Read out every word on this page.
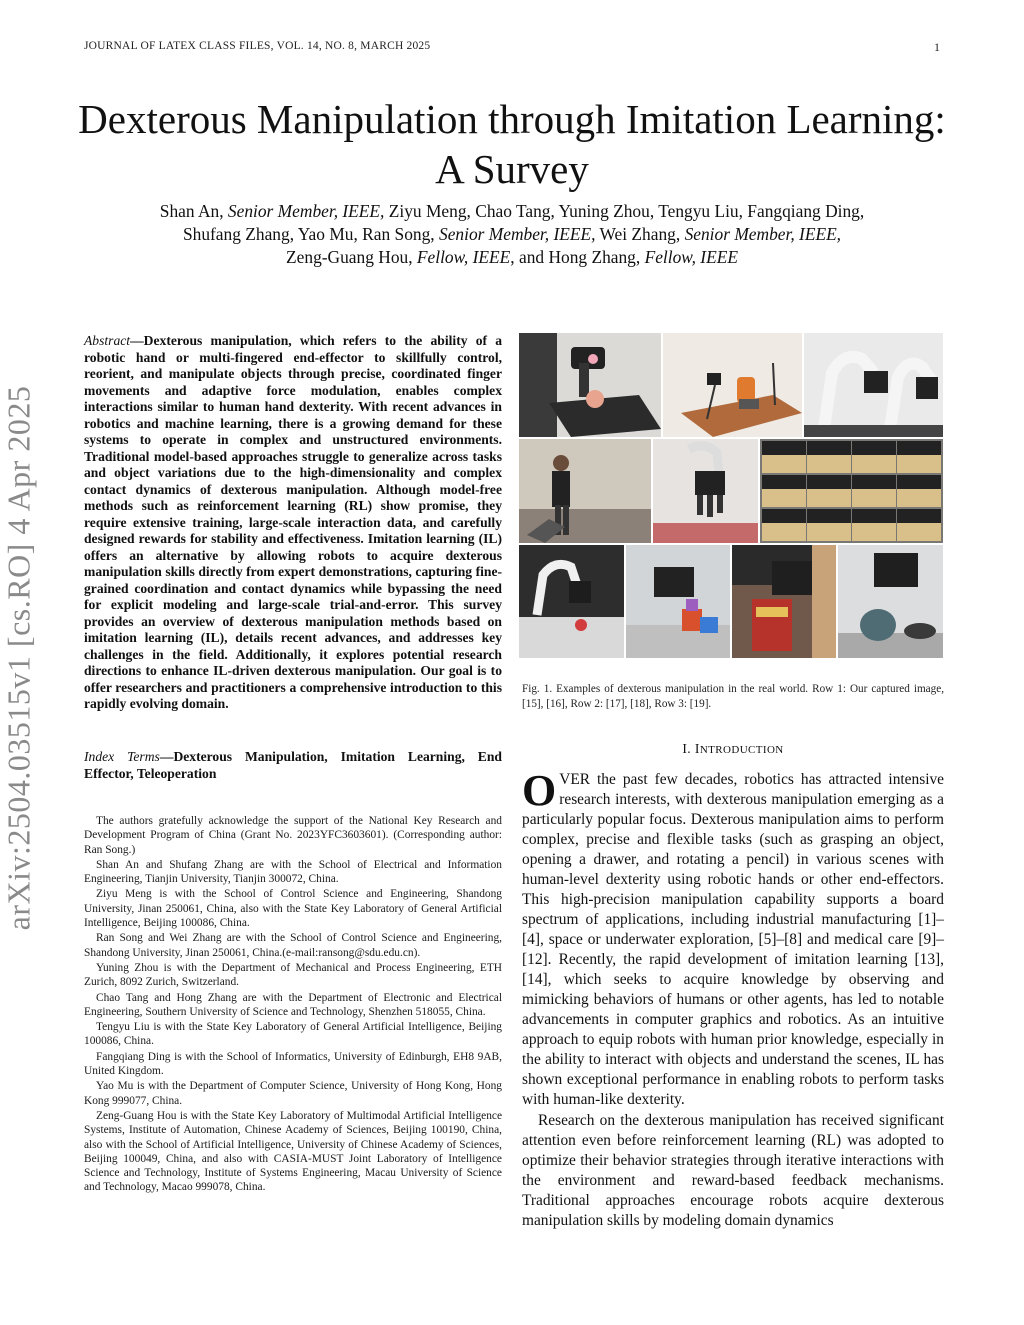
JOURNAL OF LATEX CLASS FILES, VOL. 14, NO. 8, MARCH 2025	1
Dexterous Manipulation through Imitation Learning:
A Survey
Shan An, Senior Member, IEEE, Ziyu Meng, Chao Tang, Yuning Zhou, Tengyu Liu, Fangqiang Ding,
Shufang Zhang, Yao Mu, Ran Song, Senior Member, IEEE, Wei Zhang, Senior Member, IEEE,
Zeng-Guang Hou, Fellow, IEEE, and Hong Zhang, Fellow, IEEE
arXiv:2504.03515v1 [cs.RO] 4 Apr 2025
Abstract—Dexterous manipulation, which refers to the ability of a robotic hand or multi-fingered end-effector to skillfully control, reorient, and manipulate objects through precise, coordinated finger movements and adaptive force modulation, enables complex interactions similar to human hand dexterity. With recent advances in robotics and machine learning, there is a growing demand for these systems to operate in complex and unstructured environments. Traditional model-based approaches struggle to generalize across tasks and object variations due to the high-dimensionality and complex contact dynamics of dexterous manipulation. Although model-free methods such as reinforcement learning (RL) show promise, they require extensive training, large-scale interaction data, and carefully designed rewards for stability and effectiveness. Imitation learning (IL) offers an alternative by allowing robots to acquire dexterous manipulation skills directly from expert demonstrations, capturing fine-grained coordination and contact dynamics while bypassing the need for explicit modeling and large-scale trial-and-error. This survey provides an overview of dexterous manipulation methods based on imitation learning (IL), details recent advances, and addresses key challenges in the field. Additionally, it explores potential research directions to enhance IL-driven dexterous manipulation. Our goal is to offer researchers and practitioners a comprehensive introduction to this rapidly evolving domain.
Index Terms—Dexterous Manipulation, Imitation Learning, End Effector, Teleoperation

The authors gratefully acknowledge the support of the National Key Research and Development Program of China (Grant No. 2023YFC3603601). (Corresponding author: Ran Song.)

Shan An and Shufang Zhang are with the School of Electrical and Information Engineering, Tianjin University, Tianjin 300072, China.

Ziyu Meng is with the School of Control Science and Engineering, Shandong University, Jinan 250061, China, also with the State Key Laboratory of General Artificial Intelligence, Beijing 100086, China.

Ran Song and Wei Zhang are with the School of Control Science and Engineering, Shandong University, Jinan 250061, China.(e-mail:ransong@sdu.edu.cn).

Yuning Zhou is with the Department of Mechanical and Process Engineering, ETH Zurich, 8092 Zurich, Switzerland.

Chao Tang and Hong Zhang are with the Department of Electronic and Electrical Engineering, Southern University of Science and Technology, Shenzhen 518055, China.

Tengyu Liu is with the State Key Laboratory of General Artificial Intelligence, Beijing 100086, China.

Fangqiang Ding is with the School of Informatics, University of Edinburgh, EH8 9AB, United Kingdom.

Yao Mu is with the Department of Computer Science, University of Hong Kong, Hong Kong 999077, China.

Zeng-Guang Hou is with the State Key Laboratory of Multimodal Artificial Intelligence Systems, Institute of Automation, Chinese Academy of Sciences, Beijing 100190, China, also with the School of Artificial Intelligence, University of Chinese Academy of Sciences, Beijing 100049, China, and also with CASIA-MUST Joint Laboratory of Intelligence Science and Technology, Institute of Systems Engineering, Macau University of Science and Technology, Macao 999078, China.

Fig. 1. Examples of dexterous manipulation in the real world. Row 1: Our captured image, [15], [16], Row 2: [17], [18], Row 3: [19].
I. INTRODUCTION

OVER the past few decades, robotics has attracted intensive research interests, with dexterous manipulation emerging as a particularly popular focus. Dexterous manipulation aims to perform complex, precise and flexible tasks (such as grasping an object, opening a drawer, and rotating a pencil) in various scenes with human-level dexterity using robotic hands or other end-effectors. This high-precision manipulation capability supports a board spectrum of applications, including industrial manufacturing [1]–[4], space or underwater exploration, [5]–[8] and medical care [9]–[12]. Recently, the rapid development of imitation learning [13], [14], which seeks to acquire knowledge by observing and mimicking behaviors of humans or other agents, has led to notable advancements in computer graphics and robotics. As an intuitive approach to equip robots with human prior knowledge, especially in the ability to interact with objects and understand the scenes, IL has shown exceptional performance in enabling robots to perform tasks with human-like dexterity.

Research on the dexterous manipulation has received significant attention even before reinforcement learning (RL) was adopted to optimize their behavior strategies through iterative interactions with the environment and reward-based feedback mechanisms. Traditional approaches encourage robots acquire dexterous manipulation skills by modeling domain dynamics
